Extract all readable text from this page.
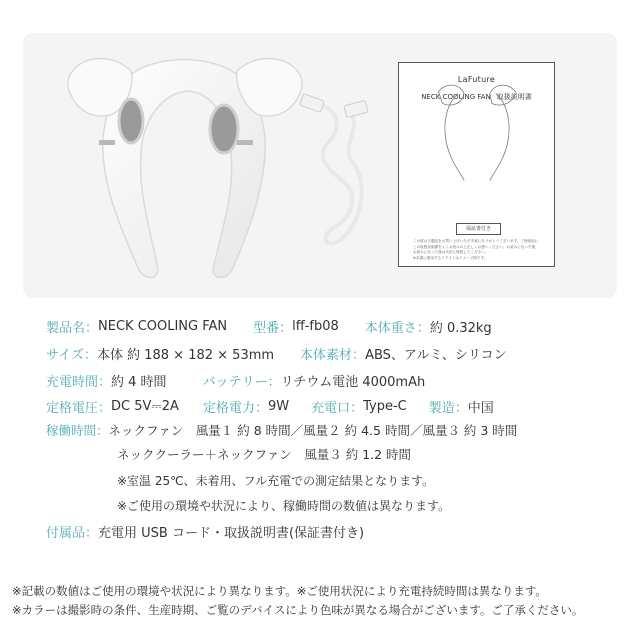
LaFuture
NECK COOLING FAN 取扱説明書
保証書付き
この度は当製品をお買い上げいただき誠にありがとうございます。ご使用前に
この取扱説明書をよくお読みの上正しくお使いください。お読みになった後
お読みになった後は大切に保管してください。
※本書に使用するイラストはイメージ図です。
製品名： NECK COOLING FAN 型番： lff-fb08 本体重さ： 約 0.32kg
サイズ： 本体 約 188 × 182 × 53mm 本体素材： ABS、アルミ、シリコン
充電時間： 約 4 時間	バッテリー： リチウム電池 4000mAh
定格電圧： DC 5V⎓2A 定格電力： 9W 充電口： Type-C 製造： 中国
稼働時間： ネックファン　風量１ 約 8 時間／風量２ 約 4.5 時間／風量３ 約 3 時間
ネッククーラー＋ネックファン　風量３ 約 1.2 時間
※室温 25℃、未着用、フル充電での測定結果となります。
※ご使用の環境や状況により、稼働時間の数値は異なります。
付属品： 充電用 USB コード・取扱説明書(保証書付き)
※記載の数値はご使用の環境や状況により異なります。※ご使用状況により充電持続時間は異なります。
※カラーは撮影時の条件、生産時期、ご覧のデバイスにより色味が異なる場合がございます。ご了承ください。
